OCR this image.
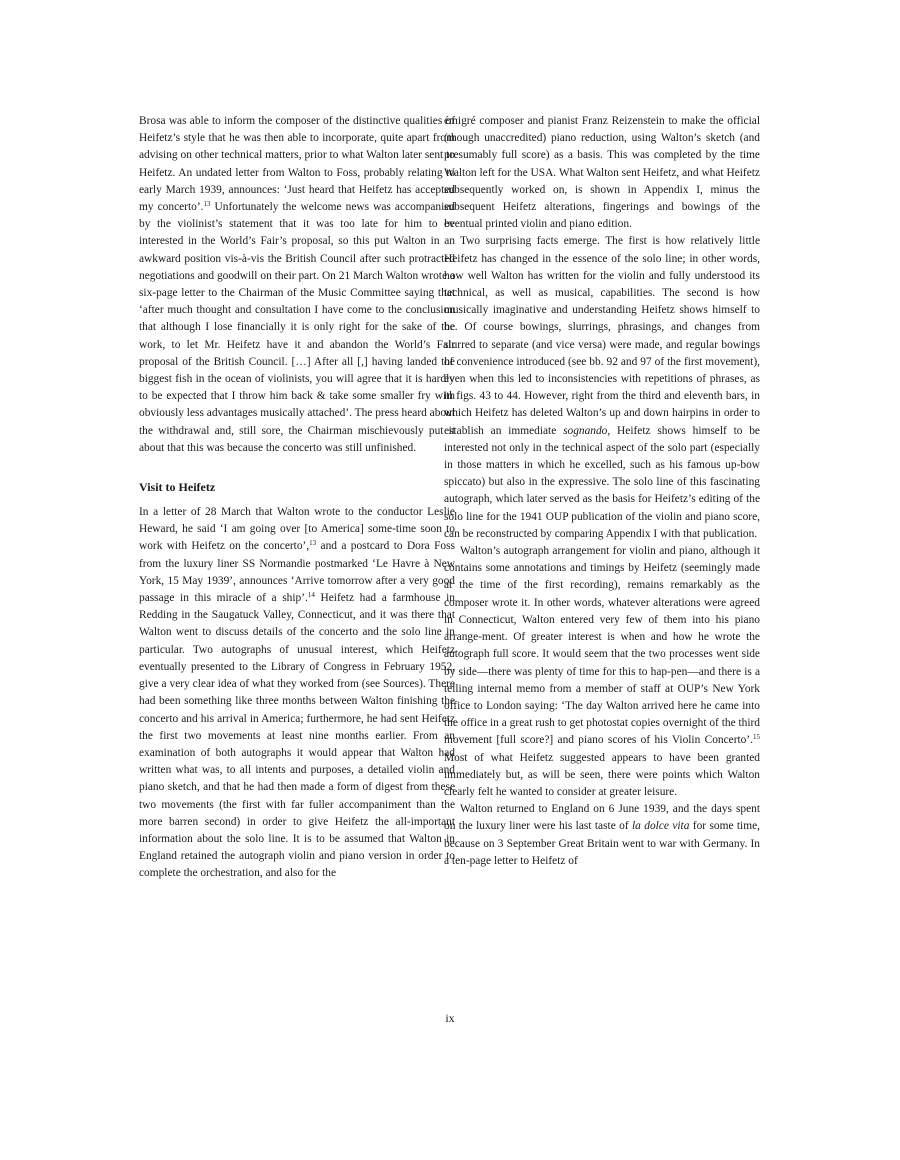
Brosa was able to inform the composer of the distinctive qualities of Heifetz’s style that he was then able to incorporate, quite apart from advising on other technical matters, prior to what Walton later sent to Heifetz. An undated letter from Walton to Foss, probably relating to early March 1939, announces: ‘Just heard that Heifetz has accepted my concerto’.$^{13}$ Unfortunately the welcome news was accompanied by the violinist’s statement that it was too late for him to be interested in the World’s Fair’s proposal, so this put Walton in an awkward position vis-à-vis the British Council after such protracted negotiations and goodwill on their part. On 21 March Walton wrote a six-page letter to the Chairman of the Music Committee saying that ‘after much thought and consultation I have come to the conclusion that although I lose financially it is only right for the sake of the work, to let Mr. Heifetz have it and abandon the World’s Fair proposal of the British Council. […] After all [,] having landed the biggest fish in the ocean of violinists, you will agree that it is hardly to be expected that I throw him back & take some smaller fry with obviously less advantages musically attached’. The press heard about the withdrawal and, still sore, the Chairman mischievously put it about that this was because the concerto was still unfinished.

Visit to Heifetz

In a letter of 28 March that Walton wrote to the conductor Leslie Heward, he said ‘I am going over [to America] some-time soon to work with Heifetz on the concerto’,$^{13}$ and a postcard to Dora Foss from the luxury liner SS Normandie postmarked ‘Le Havre à New York, 15 May 1939’, announces ‘Arrive tomorrow after a very good passage in this miracle of a ship’.$^{14}$ Heifetz had a farmhouse in Redding in the Saugatuck Valley, Connecticut, and it was there that Walton went to discuss details of the concerto and the solo line in particular. Two autographs of unusual interest, which Heifetz eventually presented to the Library of Congress in February 1952, give a very clear idea of what they worked from (see Sources). There had been something like three months between Walton finishing the concerto and his arrival in America; furthermore, he had sent Heifetz the first two movements at least nine months earlier. From an examination of both autographs it would appear that Walton had written what was, to all intents and purposes, a detailed violin and piano sketch, and that he had then made a form of digest from these two movements (the first with far fuller accompaniment than the more barren second) in order to give Heifetz the all-important information about the solo line. It is to be assumed that Walton in England retained the autograph violin and piano version in order to complete the orchestration, and also for the

émigré composer and pianist Franz Reizenstein to make the official (though unaccredited) piano reduction, using Walton’s sketch (and presumably full score) as a basis. This was completed by the time Walton left for the USA. What Walton sent Heifetz, and what Heifetz subsequently worked on, is shown in Appendix I, minus the subsequent Heifetz alterations, fingerings and bowings of the eventual printed violin and piano edition.

Two surprising facts emerge. The first is how relatively little Heifetz has changed in the essence of the solo line; in other words, how well Walton has written for the violin and fully understood its technical, as well as musical, capabilities. The second is how musically imaginative and understanding Heifetz shows himself to be. Of course bowings, slurrings, phrasings, and changes from slurred to separate (and vice versa) were made, and regular bowings of convenience introduced (see bb. 92 and 97 of the first movement), even when this led to inconsistencies with repetitions of phrases, as in figs. 43 to 44. However, right from the third and eleventh bars, in which Heifetz has deleted Walton’s up and down hairpins in order to establish an immediate sognando, Heifetz shows himself to be interested not only in the technical aspect of the solo part (especially in those matters in which he excelled, such as his famous up-bow spiccato) but also in the expressive. The solo line of this fascinating autograph, which later served as the basis for Heifetz’s editing of the solo line for the 1941 OUP publication of the violin and piano score, can be reconstructed by comparing Appendix I with that publication.

Walton’s autograph arrangement for violin and piano, although it contains some annotations and timings by Heifetz (seemingly made at the time of the first recording), remains remarkably as the composer wrote it. In other words, whatever alterations were agreed in Connecticut, Walton entered very few of them into his piano arrange-ment. Of greater interest is when and how he wrote the autograph full score. It would seem that the two processes went side by side—there was plenty of time for this to hap-pen—and there is a telling internal memo from a member of staff at OUP’s New York office to London saying: ‘The day Walton arrived here he came into the office in a great rush to get photostat copies overnight of the third movement [full score?] and piano scores of his Violin Concerto’.$^{15}$ Most of what Heifetz suggested appears to have been granted immediately but, as will be seen, there were points which Walton clearly felt he wanted to consider at greater leisure.

Walton returned to England on 6 June 1939, and the days spent on the luxury liner were his last taste of la dolce vita for some time, because on 3 September Great Britain went to war with Germany. In a ten-page letter to Heifetz of

ix
